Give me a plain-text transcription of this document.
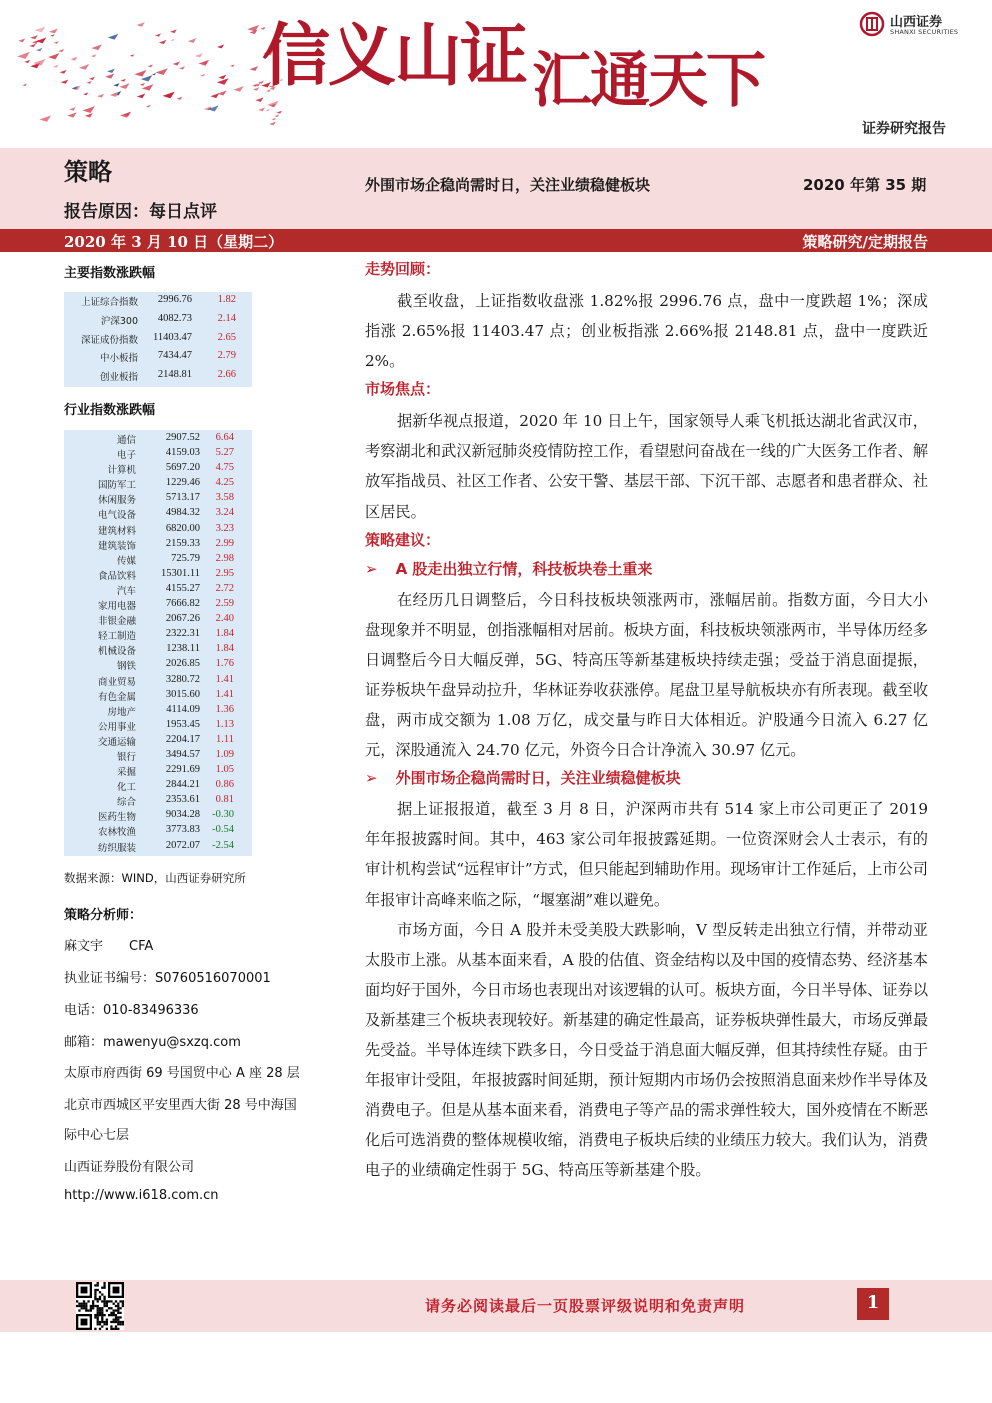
信义山证 汇通天下
山西证券
SHANXI SECURITIES
证券研究报告
策略	外围市场企稳尚需时日，关注业绩稳健板块	2020 年第 35 期
报告原因：每日点评
2020 年 3 月 10 日（星期二）	策略研究/定期报告
主要指数涨跌幅
上证综合指数	2996.76	1.82
沪深300	4082.73	2.14
深证成份指数	11403.47	2.65
中小板指	7434.47	2.79
创业板指	2148.81	2.66
行业指数涨跌幅
通信	2907.52	6.64
电子	4159.03	5.27
计算机	5697.20	4.75
国防军工	1229.46	4.25
休闲服务	5713.17	3.58
电气设备	4984.32	3.24
建筑材料	6820.00	3.23
建筑装饰	2159.33	2.99
传媒	725.79	2.98
食品饮料	15301.11	2.95
汽车	4155.27	2.72
家用电器	7666.82	2.59
非银金融	2067.26	2.40
轻工制造	2322.31	1.84
机械设备	1238.11	1.84
钢铁	2026.85	1.76
商业贸易	3280.72	1.41
有色金属	3015.60	1.41
房地产	4114.09	1.36
公用事业	1953.45	1.13
交通运输	2204.17	1.11
银行	3494.57	1.09
采掘	2291.69	1.05
化工	2844.21	0.86
综合	2353.61	0.81
医药生物	9034.28	-0.30
农林牧渔	3773.83	-0.54
纺织服装	2072.07	-2.54
数据来源：WIND，山西证券研究所
策略分析师：
麻文宇　　CFA
执业证书编号：S0760516070001
电话：010-83496336
邮箱：mawenyu@sxzq.com
太原市府西街 69 号国贸中心 A 座 28 层
北京市西城区平安里西大街 28 号中海国
际中心七层
山西证券股份有限公司
http://www.i618.com.cn
走势回顾：
截至收盘，上证指数收盘涨 1.82%报 2996.76 点，盘中一度跌超 1%；深成指涨 2.65%报 11403.47 点；创业板指涨 2.66%报 2148.81 点，盘中一度跌近 2%。
市场焦点：
据新华视点报道，2020 年 10 日上午，国家领导人乘飞机抵达湖北省武汉市，考察湖北和武汉新冠肺炎疫情防控工作，看望慰问奋战在一线的广大医务工作者、解放军指战员、社区工作者、公安干警、基层干部、下沉干部、志愿者和患者群众、社区居民。
策略建议：
➢ A 股走出独立行情，科技板块卷土重来
在经历几日调整后，今日科技板块领涨两市，涨幅居前。指数方面，今日大小盘现象并不明显，创指涨幅相对居前。板块方面，科技板块领涨两市，半导体历经多日调整后今日大幅反弹，5G、特高压等新基建板块持续走强；受益于消息面提振，证券板块午盘异动拉升，华林证券收获涨停。尾盘卫星导航板块亦有所表现。截至收盘，两市成交额为 1.08 万亿，成交量与昨日大体相近。沪股通今日流入 6.27 亿元，深股通流入 24.70 亿元，外资今日合计净流入 30.97 亿元。
➢ 外围市场企稳尚需时日，关注业绩稳健板块
据上证报报道，截至 3 月 8 日，沪深两市共有 514 家上市公司更正了 2019 年年报披露时间。其中，463 家公司年报披露延期。一位资深财会人士表示，有的审计机构尝试“远程审计”方式，但只能起到辅助作用。现场审计工作延后，上市公司年报审计高峰来临之际，“堰塞湖”难以避免。
市场方面，今日 A 股并未受美股大跌影响，V 型反转走出独立行情，并带动亚太股市上涨。从基本面来看，A 股的估值、资金结构以及中国的疫情态势、经济基本面均好于国外，今日市场也表现出对该逻辑的认可。板块方面，今日半导体、证券以及新基建三个板块表现较好。新基建的确定性最高，证券板块弹性最大，市场反弹最先受益。半导体连续下跌多日，今日受益于消息面大幅反弹，但其持续性存疑。由于年报审计受阻，年报披露时间延期，预计短期内市场仍会按照消息面来炒作半导体及消费电子。但是从基本面来看，消费电子等产品的需求弹性较大，国外疫情在不断恶化后可选消费的整体规模收缩，消费电子板块后续的业绩压力较大。我们认为，消费电子的业绩确定性弱于 5G、特高压等新基建个股。
请务必阅读最后一页股票评级说明和免责声明	1
